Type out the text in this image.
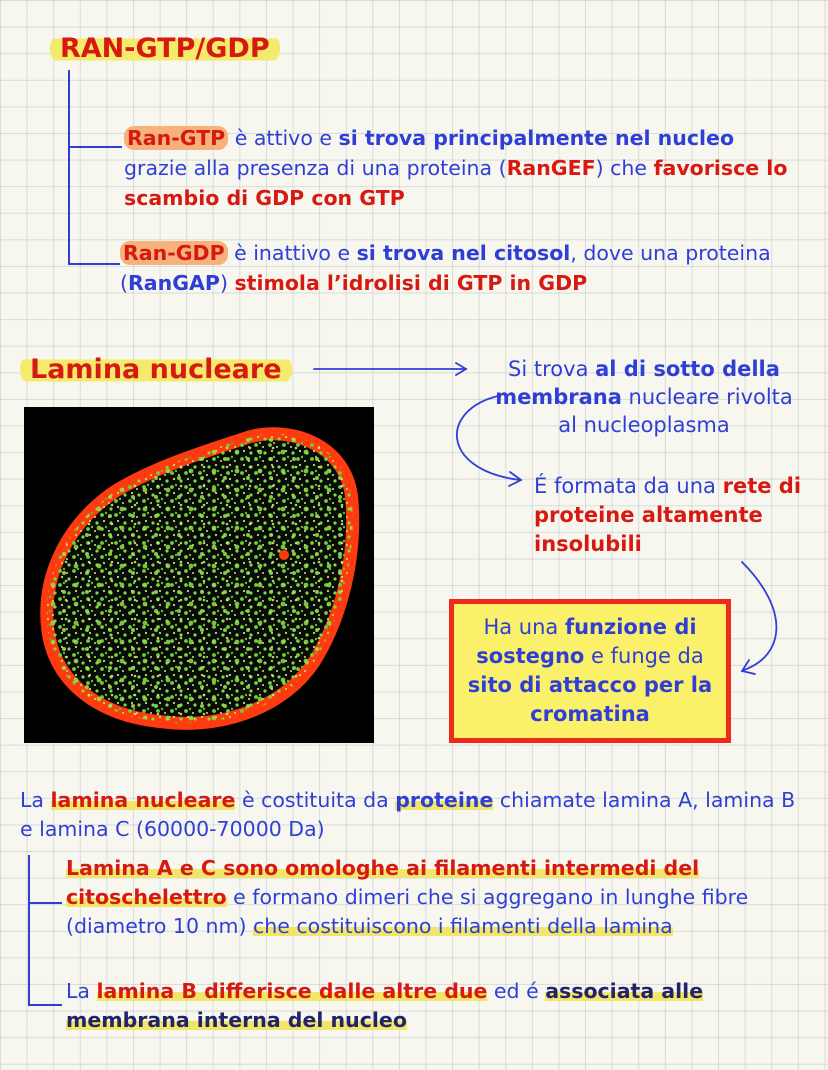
RAN-GTP/GDP
Ran-GTP è attivo e si trova principalmente nel nucleo grazie alla presenza di una proteina (RanGEF) che favorisce lo scambio di GDP con GTP
Ran-GDP è inattivo e si trova nel citosol, dove una proteina (RanGAP) stimola l’idrolisi di GTP in GDP
Lamina nucleare	Si trova al di sotto della membrana nucleare rivolta al nucleoplasma
É formata da una rete di proteine altamente insolubili
Ha una funzione di sostegno e funge da sito di attacco per la cromatina
La lamina nucleare è costituita da proteine chiamate lamina A, lamina B e lamina C (60000-70000 Da)
Lamina A e C sono omologhe ai filamenti intermedi del citoschelettro e formano dimeri che si aggregano in lunghe fibre (diametro 10 nm) che costituiscono i filamenti della lamina
La lamina B differisce dalle altre due ed é associata alle membrana interna del nucleo
